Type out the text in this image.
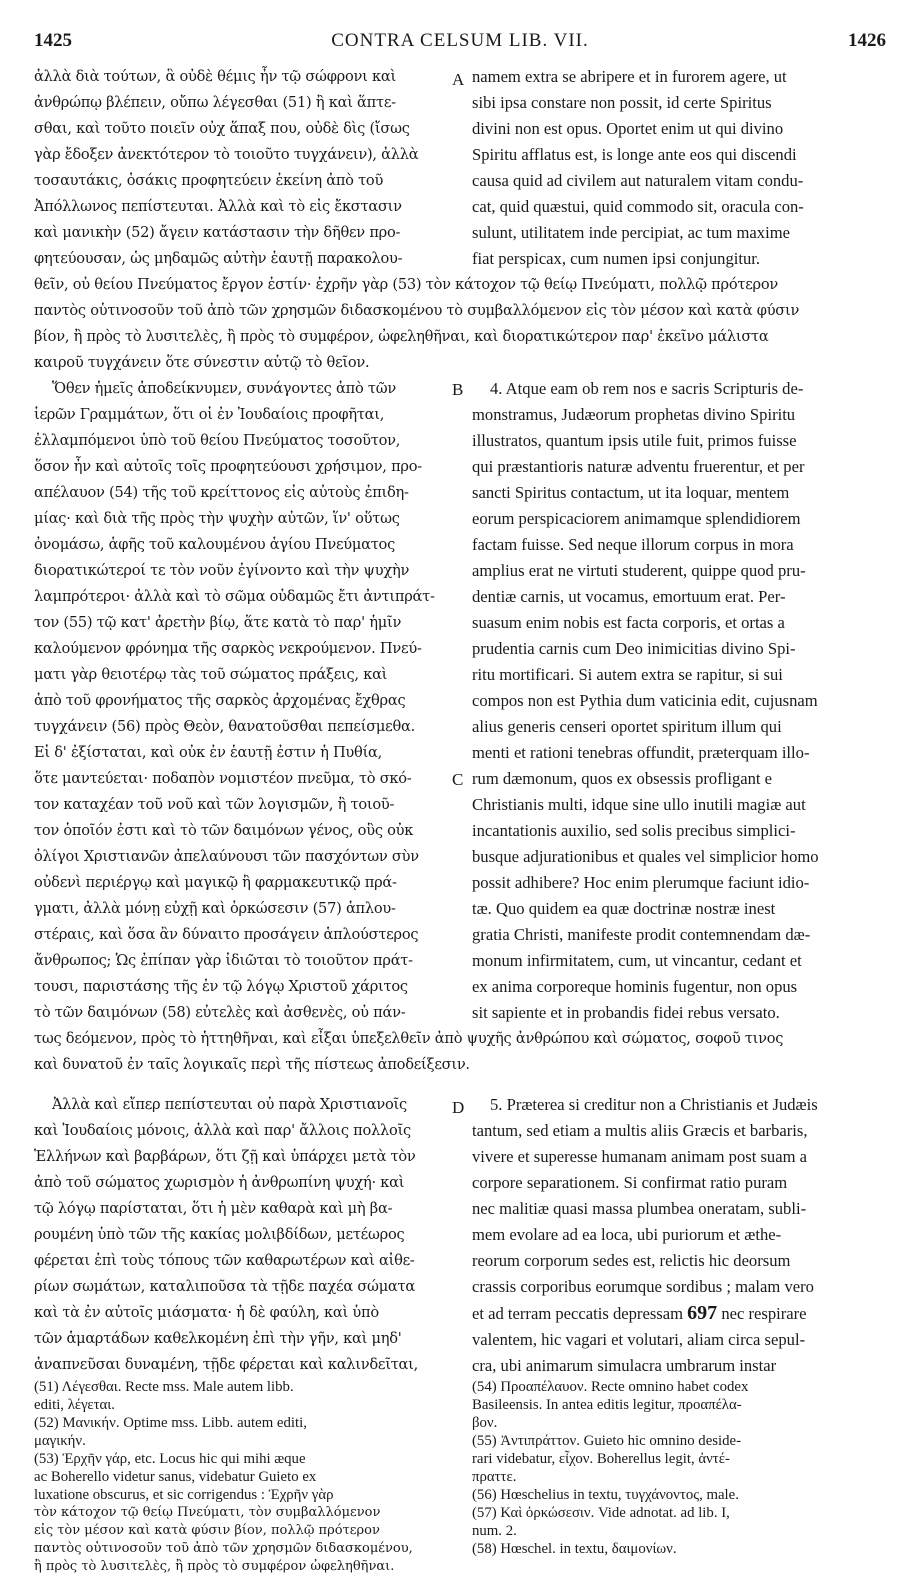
1425	CONTRA CELSUM LIB. VII.	1426
A
B
C
D
ἀλλὰ διὰ τούτων, ἃ οὐδὲ θέμις ἦν τῷ σώφρονι καὶ
ἀνθρώπῳ βλέπειν, οὔπω λέγεσθαι (51) ἢ καὶ ἅπτε-
σθαι, καὶ τοῦτο ποιεῖν οὐχ ἅπαξ που, οὐδὲ δὶς (ἴσως
γὰρ ἔδοξεν ἀνεκτότερον τὸ τοιοῦτο τυγχάνειν), ἀλλὰ
τοσαυτάκις, ὁσάκις προφητεύειν ἐκείνη ἀπὸ τοῦ
Ἀπόλλωνος πεπίστευται. Ἀλλὰ καὶ τὸ εἰς ἔκστασιν
καὶ μανικὴν (52) ἄγειν κατάστασιν τὴν δῆθεν προ-
φητεύουσαν, ὡς μηδαμῶς αὐτὴν ἑαυτῇ παρακολου-
namem extra se abripere et in furorem agere, ut
sibi ipsa constare non possit, id certe Spiritus
divini non est opus. Oportet enim ut qui divino
Spiritu afflatus est, is longe ante eos qui discendi
causa quid ad civilem aut naturalem vitam condu-
cat, quid quæstui, quid commodo sit, oracula con-
sulunt, utilitatem inde percipiat, ac tum maxime
fiat perspicax, cum numen ipsi conjungitur.
θεῖν, οὐ θείου Πνεύματος ἔργον ἐστίν· ἐχρῆν γὰρ (53) τὸν κάτοχον τῷ θείῳ Πνεύματι, πολλῷ πρότερον
παντὸς οὑτινοσοῦν τοῦ ἀπὸ τῶν χρησμῶν διδασκομένου τὸ συμβαλλόμενον εἰς τὸν μέσον καὶ κατὰ φύσιν
βίον, ἢ πρὸς τὸ λυσιτελὲς, ἢ πρὸς τὸ συμφέρον, ὠφεληθῆναι, καὶ διορατικώτερον παρ' ἐκεῖνο μάλιστα
καιροῦ τυγχάνειν ὅτε σύνεστιν αὐτῷ τὸ θεῖον.
Ὅθεν ἡμεῖς ἀποδείκνυμεν, συνάγοντες ἀπὸ τῶν
ἱερῶν Γραμμάτων, ὅτι οἱ ἐν Ἰουδαίοις προφῆται,
ἐλλαμπόμενοι ὑπὸ τοῦ θείου Πνεύματος τοσοῦτον,
ὅσον ἦν καὶ αὐτοῖς τοῖς προφητεύουσι χρήσιμον, προ-
απέλαυον (54) τῆς τοῦ κρείττονος εἰς αὐτοὺς ἐπιδη-
μίας· καὶ διὰ τῆς πρὸς τὴν ψυχὴν αὐτῶν, ἵν' οὕτως
ὀνομάσω, ἁφῆς τοῦ καλουμένου ἁγίου Πνεύματος
διορατικώτεροί τε τὸν νοῦν ἐγίνοντο καὶ τὴν ψυχὴν
λαμπρότεροι· ἀλλὰ καὶ τὸ σῶμα οὐδαμῶς ἔτι ἀντιπράτ-
τον (55) τῷ κατ' ἀρετὴν βίῳ, ἅτε κατὰ τὸ παρ' ἡμῖν
καλούμενον φρόνημα τῆς σαρκὸς νεκρούμενον. Πνεύ-
ματι γὰρ θειοτέρῳ τὰς τοῦ σώματος πράξεις, καὶ
ἀπὸ τοῦ φρονήματος τῆς σαρκὸς ἀρχομένας ἔχθρας
τυγχάνειν (56) πρὸς Θεὸν, θανατοῦσθαι πεπείσμεθα.
Εἰ δ' ἐξίσταται, καὶ οὐκ ἐν ἑαυτῇ ἐστιν ἡ Πυθία,
ὅτε μαντεύεται· ποδαπὸν νομιστέον πνεῦμα, τὸ σκό-
τον καταχέαν τοῦ νοῦ καὶ τῶν λογισμῶν, ἢ τοιοῦ-
τον ὁποῖόν ἐστι καὶ τὸ τῶν δαιμόνων γένος, οὓς οὐκ
ὀλίγοι Χριστιανῶν ἀπελαύνουσι τῶν πασχόντων σὺν
οὐδενὶ περιέργῳ καὶ μαγικῷ ἢ φαρμακευτικῷ πρά-
γματι, ἀλλὰ μόνῃ εὐχῇ καὶ ὁρκώσεσιν (57) ἁπλου-
στέραις, καὶ ὅσα ἂν δύναιτο προσάγειν ἁπλούστερος
ἄνθρωπος; Ὡς ἐπίπαν γὰρ ἰδιῶται τὸ τοιοῦτον πράτ-
τουσι, παριστάσης τῆς ἐν τῷ λόγῳ Χριστοῦ χάριτος
τὸ τῶν δαιμόνων (58) εὐτελὲς καὶ ἀσθενὲς, οὐ πάν-
4. Atque eam ob rem nos e sacris Scripturis de-
monstramus, Judæorum prophetas divino Spiritu
illustratos, quantum ipsis utile fuit, primos fuisse
qui præstantioris naturæ adventu fruerentur, et per
sancti Spiritus contactum, ut ita loquar, mentem
eorum perspicaciorem animamque splendidiorem
factam fuisse. Sed neque illorum corpus in mora
amplius erat ne virtuti studerent, quippe quod pru-
dentiæ carnis, ut vocamus, emortuum erat. Per-
suasum enim nobis est facta corporis, et ortas a
prudentia carnis cum Deo inimicitias divino Spi-
ritu mortificari. Si autem extra se rapitur, si sui
compos non est Pythia dum vaticinia edit, cujusnam
alius generis censeri oportet spiritum illum qui
menti et rationi tenebras offundit, præterquam illo-
rum dæmonum, quos ex obsessis profligant e
Christianis multi, idque sine ullo inutili magiæ aut
incantationis auxilio, sed solis precibus simplici-
busque adjurationibus et quales vel simplicior homo
possit adhibere? Hoc enim plerumque faciunt idio-
tæ. Quo quidem ea quæ doctrinæ nostræ inest
gratia Christi, manifeste prodit contemnendam dæ-
monum infirmitatem, cum, ut vincantur, cedant et
ex anima corporeque hominis fugentur, non opus
sit sapiente et in probandis fidei rebus versato.
τως δεόμενον, πρὸς τὸ ἡττηθῆναι, καὶ εἶξαι ὑπεξελθεῖν ἀπὸ ψυχῆς ἀνθρώπου καὶ σώματος, σοφοῦ τινος
καὶ δυνατοῦ ἐν ταῖς λογικαῖς περὶ τῆς πίστεως ἀποδείξεσιν.
Ἀλλὰ καὶ εἴπερ πεπίστευται οὐ παρὰ Χριστιανοῖς
καὶ Ἰουδαίοις μόνοις, ἀλλὰ καὶ παρ' ἄλλοις πολλοῖς
Ἑλλήνων καὶ βαρβάρων, ὅτι ζῇ καὶ ὑπάρχει μετὰ τὸν
ἀπὸ τοῦ σώματος χωρισμὸν ἡ ἀνθρωπίνη ψυχή· καὶ
τῷ λόγῳ παρίσταται, ὅτι ἡ μὲν καθαρὰ καὶ μὴ βα-
ρουμένη ὑπὸ τῶν τῆς κακίας μολιβδίδων, μετέωρος
φέρεται ἐπὶ τοὺς τόπους τῶν καθαρωτέρων καὶ αἰθε-
ρίων σωμάτων, καταλιποῦσα τὰ τῇδε παχέα σώματα
καὶ τὰ ἐν αὐτοῖς μιάσματα· ἡ δὲ φαύλη, καὶ ὑπὸ
τῶν ἁμαρτάδων καθελκομένη ἐπὶ τὴν γῆν, καὶ μηδ'
ἀναπνεῦσαι δυναμένη, τῇδε φέρεται καὶ καλινδεῖται,
5. Præterea si creditur non a Christianis et Judæis
tantum, sed etiam a multis aliis Græcis et barbaris,
vivere et superesse humanam animam post suam a
corpore separationem. Si confirmat ratio puram
nec malitiæ quasi massa plumbea oneratam, subli-
mem evolare ad ea loca, ubi puriorum et æthe-
reorum corporum sedes est, relictis hic deorsum
crassis corporibus eorumque sordibus ; malam vero
et ad terram peccatis depressam 697 nec respirare
valentem, hic vagari et volutari, aliam circa sepul-
cra, ubi animarum simulacra umbrarum instar
(51) Λέγεσθαι. Recte mss. Male autem libb.
editi, λέγεται.
(52) Μανικήν. Optime mss. Libb. autem editi,
μαγικήν.
(53) Ἐρχῆν γάρ, etc. Locus hic qui mihi æque
ac Boherello videtur sanus, videbatur Guieto ex
luxatione obscurus, et sic corrigendus : Ἐχρῆν γὰρ
τὸν κάτοχον τῷ θείῳ Πνεύματι, τὸν συμβαλλόμενον
εἰς τὸν μέσον καὶ κατὰ φύσιν βίον, πολλῷ πρότερον
παντὸς οὑτινοσοῦν τοῦ ἀπὸ τῶν χρησμῶν διδασκομένου,
ἢ πρὸς τὸ λυσιτελὲς, ἢ πρὸς τὸ συμφέρον ὠφεληθῆναι.
(54) Προαπέλαυον. Recte omnino habet codex
Basileensis. In antea editis legitur, προαπέλα-
βον.
(55) Ἀντιπράττον. Guieto hic omnino deside-
rari videbatur, εἶχον. Boherellus legit, ἀντέ-
πραττε.
(56) Hœschelius in textu, τυγχάνοντος, male.
(57) Καὶ ὁρκώσεσιν. Vide adnotat. ad lib. I,
num. 2.
(58) Hœschel. in textu, δαιμονίων.
